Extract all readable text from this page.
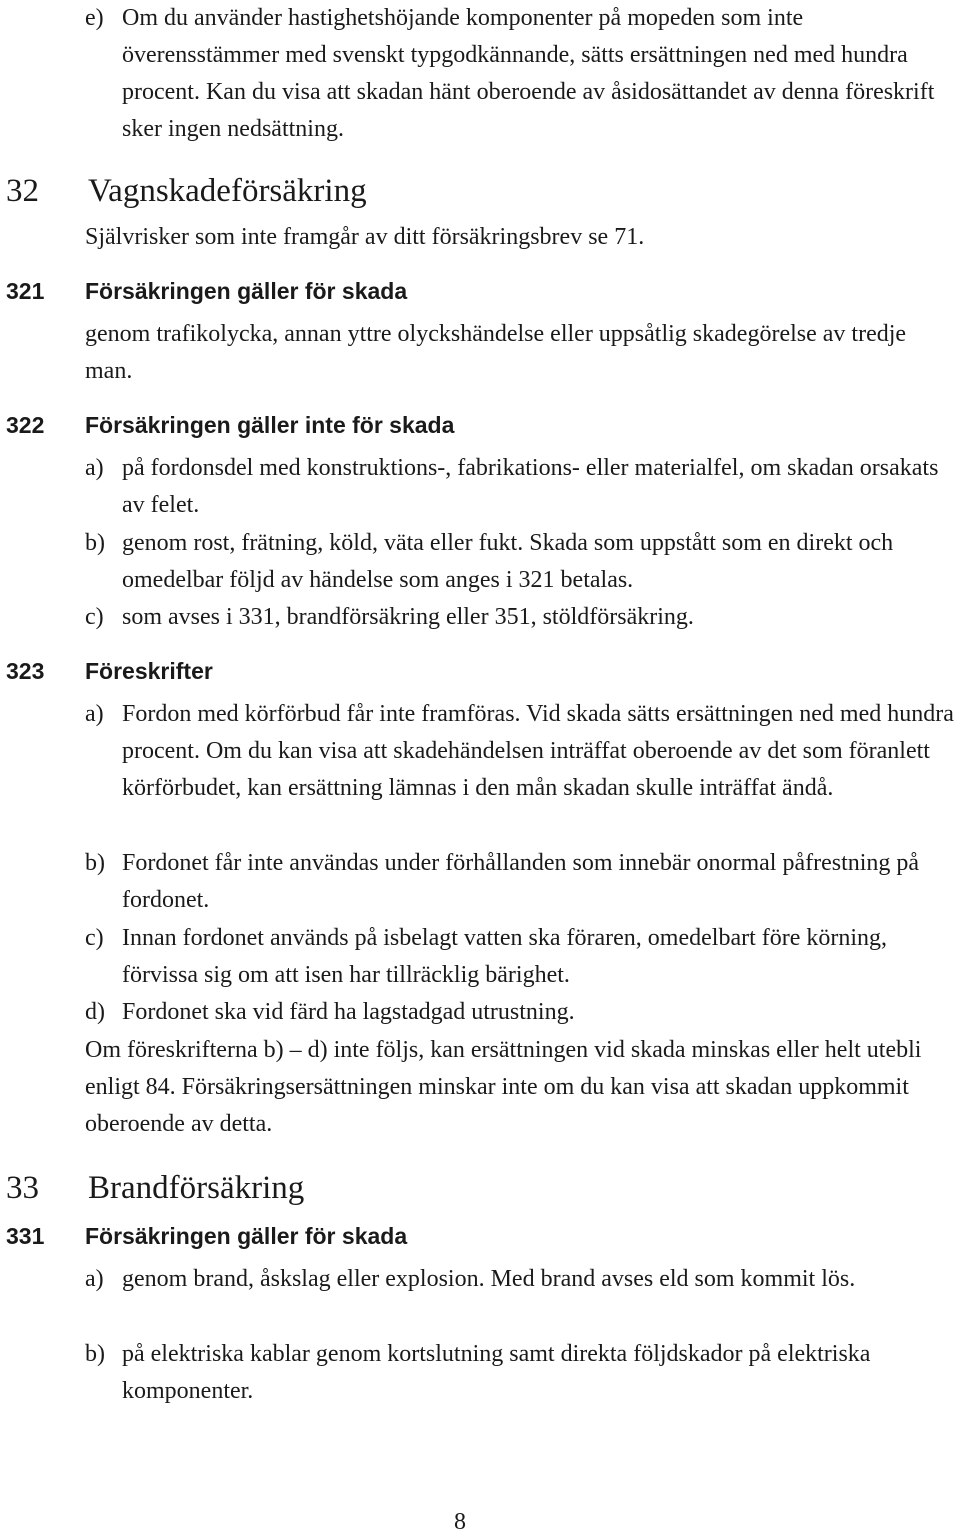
e) Om du använder hastighetshöjande komponenter på mopeden som inte överensstämmer med svenskt typgodkännande, sätts ersättningen ned med hundra procent. Kan du visa att skadan hänt oberoende av åsidosättandet av denna föreskrift sker ingen nedsättning.
32	Vagnskadeförsäkring
Självrisker som inte framgår av ditt försäkringsbrev se 71.
321	Försäkringen gäller för skada
genom trafikolycka, annan yttre olyckshändelse eller uppsåtlig skadegörelse av tredje man.
322	Försäkringen gäller inte för skada
a) på fordonsdel med konstruktions-, fabrikations- eller materialfel, om skadan orsakats av felet.
b) genom rost, frätning, köld, väta eller fukt. Skada som uppstått som en direkt och omedelbar följd av händelse som anges i 321 betalas.
c) som avses i 331, brandförsäkring eller 351, stöldförsäkring.
323	Föreskrifter
a) Fordon med körförbud får inte framföras. Vid skada sätts ersättningen ned med hundra procent. Om du kan visa att skadehändelsen inträffat oberoende av det som föranlett körförbudet, kan ersättning lämnas i den mån skadan skulle inträffat ändå.
b) Fordonet får inte användas under förhållanden som innebär onormal påfrestning på fordonet.
c) Innan fordonet används på isbelagt vatten ska föraren, omedelbart före körning, förvissa sig om att isen har tillräcklig bärighet.
d) Fordonet ska vid färd ha lagstadgad utrustning.
Om föreskrifterna b) – d) inte följs, kan ersättningen vid skada minskas eller helt utebli enligt 84. Försäkringsersättningen minskar inte om du kan visa att skadan uppkommit oberoende av detta.
33	Brandförsäkring
331	Försäkringen gäller för skada
a) genom brand, åskslag eller explosion. Med brand avses eld som kommit lös.
b) på elektriska kablar genom kortslutning samt direkta följdskador på elektriska komponenter.
8
